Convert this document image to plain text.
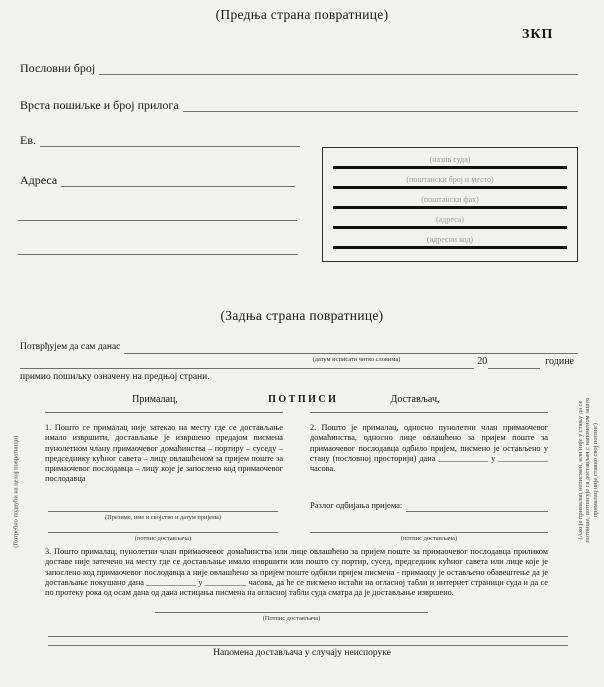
(Предња страна повратнице)
ЗКП
Пословни број
Врста пошиљке и број прилога
Ев.
Адреса
(назив суда)
(поштански број и место)
(поштански фах)
(адреса)
(адресни код)
(Задња страна повратнице)
Потврђујем да сам данас
(датум исписати читко словима)	20	године
примио пошиљку означену на предњој страни.
Прималац,	П О Т П И С И	Достављач,
1. Пошто се прималац није затекао на месту где се достављање имало извршити, достављање је извршено предајом писмена пунолетном члану примаочевог домаћинства – портиру – суседу – председнику кућног савета – лицу овлашћеном за пријем поште за примаочевог послодавца – лицу које је запослено код примаочевог послодавца
(Презиме, име и својство и датум пријема)
(потпис достављача)
2. Пошто је прималац, односно пунолетни члан примаочевог домаћинства, односно лице овлашћено за пријем поште за примаочевог послодавца одбило пријем, писмено је остављено у стану (пословној просторији) дана ____________ у ____________ часова.
Разлог одбијања пријема:
(потпис достављача)
3. Пошто прималац, пунолетни члан примаочевог домаћинства или лице овлашћено за пријем поште за примаочевог послодавца приликом доставе није затечено на месту где се достављање имало извршити или пошто су портир, сусед, председник кућног савета или лице које је запослено код примаочевог послодавца а није овлашћено за пријем поште одбили пријем писмена - примаоцу је остављено обавештење да је достављање покушано дана ____________ у __________ часова, да ће се писмено истаћи на огласној табли и интернет страници суда и да се по протеку рока од осам дана од дана истицања писмена на огласној табли суда сматра да је достављање извршено.
(Потпис достављача)
Напомена достављача у случају неиспоруке
(Потребно подвући на целој повратници)	(Ако је прималац неписмен, или није у стању да се потпише, потписује га достављач с напоменом зашто прималац није ставио свој потпис)
